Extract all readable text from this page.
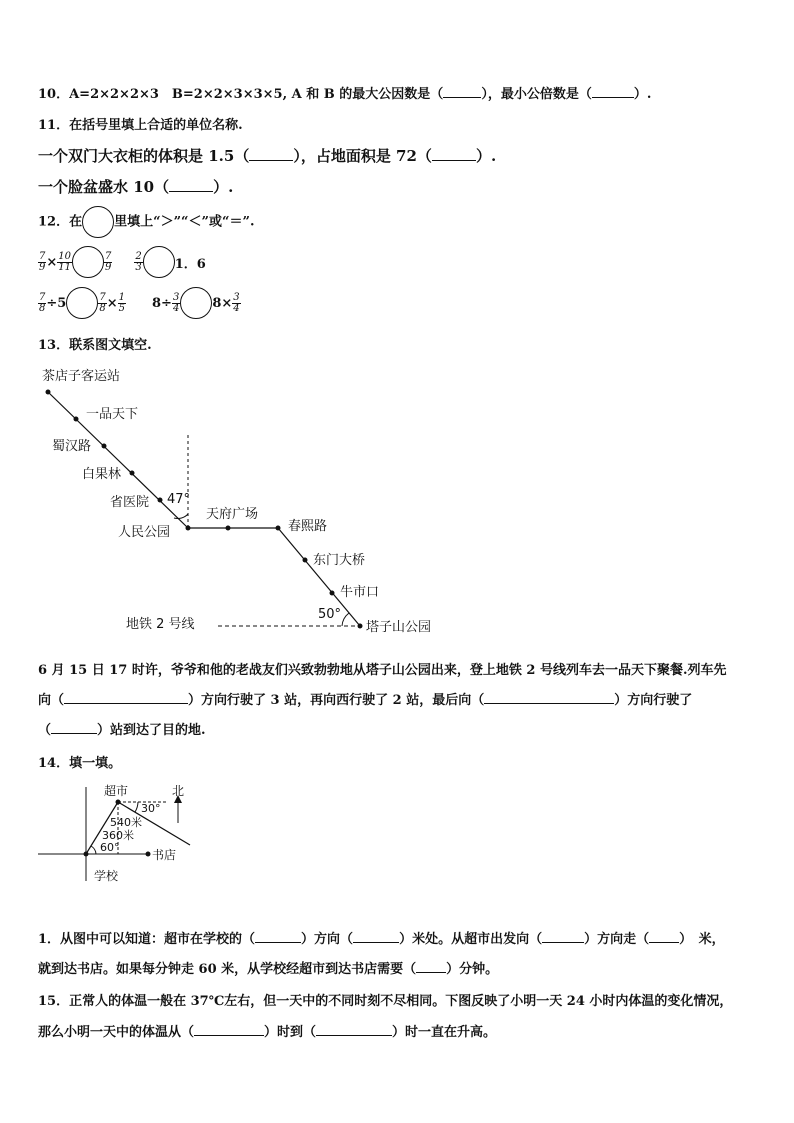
10．A=2×2×2×3　B=2×2×3×3×5, A 和 B 的最大公因数是（	），最小公倍数是（	）.
11．在括号里填上合适的单位名称.
一个双门大衣柜的体积是 1.5（	），占地面积是 72（	）.
一个脸盆盛水 10（	）.
12．在 里填上“＞”“＜”或“＝”.
$\frac{7}{9} \times \frac{10}{11}$	$\frac{7}{9} \frac{2}{3} 1$．6
$\frac{7}{8} \div 5$	$\frac{7}{8} \times \frac{1}{5} 8\div \frac{3}{4} 8\times \frac{3}{4}$
13．联系图文填空.
茶店子客运站
一品天下
蜀汉路
白果林
省医院
人民公园
天府广场
春熙路
东门大桥
牛市口
塔子山公园
47°
50°
地铁 2 号线
6 月 15 日 17 时许，爷爷和他的老战友们兴致勃勃地从塔子山公园出来，登上地铁 2 号线列车去一品天下聚餐.列车先
向（	）方向行驶了 3 站，再向西行驶了 2 站，最后向（	）方向行驶了
（	）站到达了目的地.
14．填一填。
超市	北
30°
540米
360米
60°
书店
学校
1．从图中可以知道：超市在学校的（	）方向（	）米处。从超市出发向（	）方向走（ ）　米，
就到达书店。如果每分钟走 60 米，从学校经超市到达书店需要（ ）分钟。
15．正常人的体温一般在 37℃左右，但一天中的不同时刻不尽相同。下图反映了小明一天 24 小时内体温的变化情况，
那么小明一天中的体温从（	）时到（	）时一直在升高。
